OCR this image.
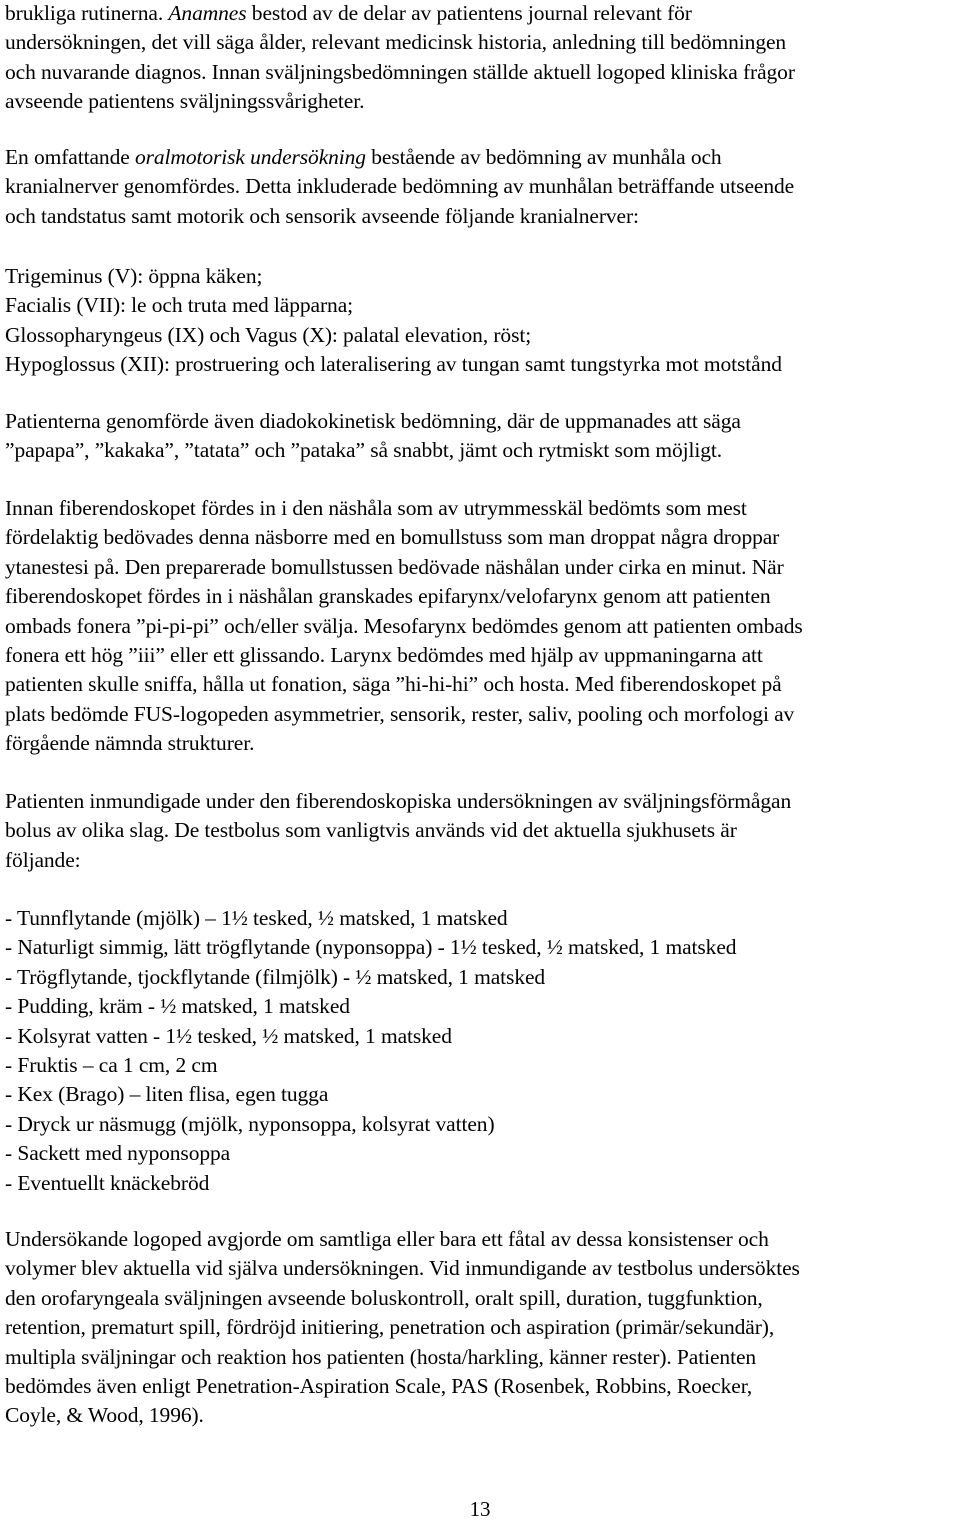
brukliga rutinerna. Anamnes bestod av de delar av patientens journal relevant för
undersökningen, det vill säga ålder, relevant medicinsk historia, anledning till bedömningen
och nuvarande diagnos. Innan sväljningsbedömningen ställde aktuell logoped kliniska frågor
avseende patientens sväljningssvårigheter.
En omfattande oralmotorisk undersökning bestående av bedömning av munhåla och
kranialnerver genomfördes. Detta inkluderade bedömning av munhålan beträffande utseende
och tandstatus samt motorik och sensorik avseende följande kranialnerver:
Trigeminus (V): öppna käken;
Facialis (VII): le och truta med läpparna;
Glossopharyngeus (IX) och Vagus (X): palatal elevation, röst;
Hypoglossus (XII): prostruering och lateralisering av tungan samt tungstyrka mot motstånd
Patienterna genomförde även diadokokinetisk bedömning, där de uppmanades att säga
”papapa”, ”kakaka”, ”tatata” och ”pataka” så snabbt, jämt och rytmiskt som möjligt.
Innan fiberendoskopet fördes in i den näshåla som av utrymmesskäl bedömts som mest
fördelaktig bedövades denna näsborre med en bomullstuss som man droppat några droppar
ytanestesi på. Den preparerade bomullstussen bedövade näshålan under cirka en minut. När
fiberendoskopet fördes in i näshålan granskades epifarynx/velofarynx genom att patienten
ombads fonera ”pi-pi-pi” och/eller svälja. Mesofarynx bedömdes genom att patienten ombads
fonera ett hög ”iii” eller ett glissando. Larynx bedömdes med hjälp av uppmaningarna att
patienten skulle sniffa, hålla ut fonation, säga ”hi-hi-hi” och hosta. Med fiberendoskopet på
plats bedömde FUS-logopeden asymmetrier, sensorik, rester, saliv, pooling och morfologi av
förgående nämnda strukturer.
Patienten inmundigade under den fiberendoskopiska undersökningen av sväljningsförmågan
bolus av olika slag. De testbolus som vanligtvis används vid det aktuella sjukhusets är
följande:
- Tunnflytande (mjölk) – 1½ tesked, ½ matsked, 1 matsked
- Naturligt simmig, lätt trögflytande (nyponsoppa) - 1½ tesked, ½ matsked, 1 matsked
- Trögflytande, tjockflytande (filmjölk) - ½ matsked, 1 matsked
- Pudding, kräm - ½ matsked, 1 matsked
- Kolsyrat vatten - 1½ tesked, ½ matsked, 1 matsked
- Fruktis – ca 1 cm, 2 cm
- Kex (Brago) – liten flisa, egen tugga
- Dryck ur näsmugg (mjölk, nyponsoppa, kolsyrat vatten)
- Sackett med nyponsoppa
- Eventuellt knäckebröd
Undersökande logoped avgjorde om samtliga eller bara ett fåtal av dessa konsistenser och
volymer blev aktuella vid själva undersökningen. Vid inmundigande av testbolus undersöktes
den orofaryngeala sväljningen avseende boluskontroll, oralt spill, duration, tuggfunktion,
retention, prematurt spill, fördröjd initiering, penetration och aspiration (primär/sekundär),
multipla sväljningar och reaktion hos patienten (hosta/harkling, känner rester). Patienten
bedömdes även enligt Penetration-Aspiration Scale, PAS (Rosenbek, Robbins, Roecker,
Coyle, & Wood, 1996).
13
